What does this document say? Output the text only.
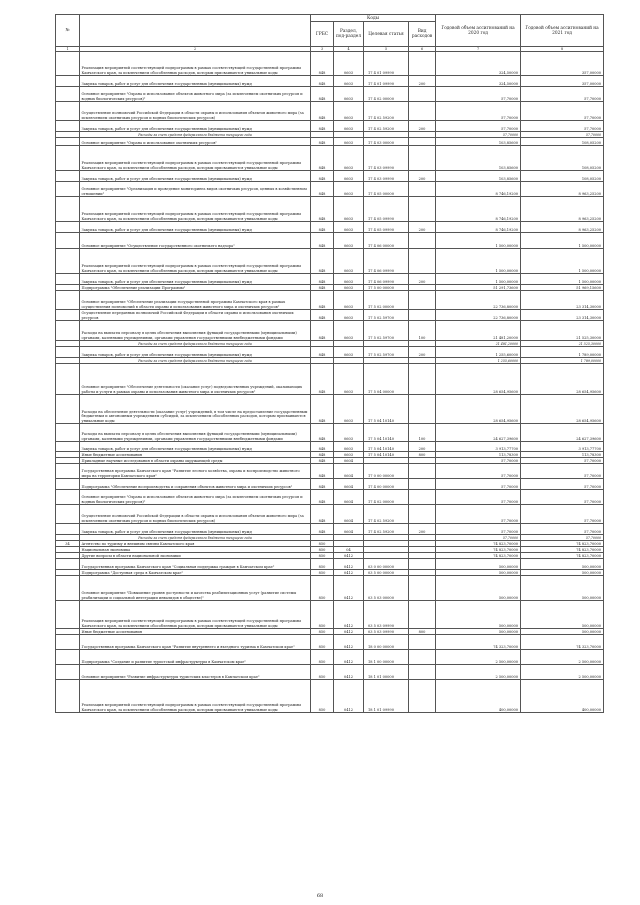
№		Коды				Годовой объем ассигнований на 2020 год	Годовой объем ассигнований на 2021 год
		ГРБС	Раздел, под-раздел	Целевая статья	Вид расходов		
1	2	3	4	5	6	7	8
	Реализация мероприятий соответствующей подпрограммы в рамках соответствующей государственной программы Камчатского края, за исключением обособленных расходов, которым присваиваются уникальные коды	848	0603	17 4 01 09990		324,50000	357,00000
	Закупка товаров, работ и услуг для обеспечения государственных (муниципальных) нужд	848	0603	17 4 01 09990	200	324,50000	357,00000
	Основное мероприятие "Охрана и использование объектов животного мира (за исключением охотничьих ресурсов и водных биологических ресурсов)"	848	0603	17 4 02 00000		57,70000	57,70000
	Осуществление полномочий Российской Федерации в области охраны и использования объектов животного мира (за исключением охотничьих ресурсов и водных биологических ресурсов)	848	0603	17 4 02 59200		57,70000	57,70000
	Закупка товаров, работ и услуг для обеспечения государственных (муниципальных) нужд	848	0603	17 4 02 59200	200	57,70000	57,70000
	Расходы за счет средств федерального бюджета текущего года					57,70000	57,70000
	Основное мероприятие "Охрана и использование охотничьих ресурсов"	848	0603	17 4 03 00000		103,85600	108,05200
	Реализация мероприятий соответствующей подпрограммы в рамках соответствующей государственной программы Камчатского края, за исключением обособленных расходов, которым присваиваются уникальные коды	848	0603	17 4 03 09990		103,85600	108,05200
	Закупка товаров, работ и услуг для обеспечения государственных (муниципальных) нужд	848	0603	17 4 03 09990	200	103,85600	108,05200
	Основное мероприятие "Организация и проведение мониторинга видов охотничьих ресурсов, ценных в хозяйственном отношении"	848	0603	17 4 05 00000		8 746,19200	8 963,25200
	Реализация мероприятий соответствующей подпрограммы в рамках соответствующей государственной программы Камчатского края, за исключением обособленных расходов, которым присваиваются уникальные коды	848	0603	17 4 05 09990		8 746,19200	8 963,25200
	Закупка товаров, работ и услуг для обеспечения государственных (муниципальных) нужд	848	0603	17 4 05 09990	200	8 746,19200	8 963,25200
	Основное мероприятие "Осуществление государственного охотничьего надзора"	848	0603	17 4 06 00000		1 500,00000	1 500,00000
	Реализация мероприятий соответствующей подпрограммы в рамках соответствующей государственной программы Камчатского края, за исключением обособленных расходов, которым присваиваются уникальные коды	848	0603	17 4 06 09990		1 500,00000	1 500,00000
	Закупка товаров, работ и услуг для обеспечения государственных (муниципальных) нужд	848	0603	17 4 06 09990	200	1 500,00000	1 500,00000
	Подпрограмма "Обеспечение реализации Программы"	848	0603	17 5 00 00000		51 291,73600	51 969,15600
	Основное мероприятие "Обеспечение реализации государственной программы Камчатского края в рамках осуществления полномочий в области охраны и использования животного мира и охотничьих ресурсов"	848	0603	17 5 02 00000		22 736,80000	23 314,30000
	Осуществление переданных полномочий Российской Федерации в области охраны и использования охотничьих ресурсов	848	0603	17 5 02 59700		22 736,80000	23 314,30000
	Расходы на выплаты персоналу в целях обеспечения выполнения функций государственными (муниципальными) органами, казенными учреждениями, органами управления государственными внебюджетными фондами	848	0603	17 5 02 59700	100	21 481,20000	21 525,30000
	Расходы за счет средств федерального бюджета текущего года					21 481,20000	21 525,30000
	Закупка товаров, работ и услуг для обеспечения государственных (муниципальных) нужд	848	0603	17 5 02 59700	200	1 255,60000	1 789,00000
	Расходы за счет средств федерального бюджета текущего года					1 255,60000	1 789,00000
	Основное мероприятие "Обеспечение деятельности (оказание услуг) подведомственных учреждений, оказывающих работы и услуги в рамках охраны и использования животного мира и охотничьих ресурсов"	848	0603	17 5 04 00000		28 654,95600	28 654,95600
	Расходы на обеспечение деятельности (оказание услуг) учреждений, в том числе на предоставление государственным бюджетным и автономным учреждениям субсидий, за исключением обособленных расходов, которым присваиваются уникальные коды	848	0603	17 5 04 10140		28 654,95600	28 654,95600
	Расходы на выплаты персоналу в целях обеспечения выполнения функций государственными (муниципальными) органами, казенными учреждениями, органами управления государственными внебюджетными фондами	848	0603	17 5 04 10140	100	24 627,39600	24 627,39600
	Закупка товаров, работ и услуг для обеспечения государственных (муниципальных) нужд	848	0603	17 5 04 10140	200	3 913,77700	3 913,77700
	Иные бюджетные ассигнования	848	0603	17 5 04 10140	800	113,78300	113,78300
	Прикладные научные исследования в области охраны окружающей среды	848	0604			57,70000	57,70000
	Государственная программа Камчатского края "Развитие лесного хозяйства, охрана и воспроизводство животного мира на территории Камчатского края"	848	0604	17 0 00 00000		57,70000	57,70000
	Подпрограмма "Обеспечение воспроизводства и сохранения объектов животного мира и охотничьих ресурсов"	848	0604	17 4 00 00000		57,70000	57,70000
	Основное мероприятие "Охрана и использование объектов животного мира (за исключением охотничьих ресурсов и водных биологических ресурсов)"	848	0604	17 4 02 00000		57,70000	57,70000
	Осуществление полномочий Российской Федерации в области охраны и использования объектов животного мира (за исключением охотничьих ресурсов и водных биологических ресурсов)	848	0604	17 4 02 59200		57,70000	57,70000
	Закупка товаров, работ и услуг для обеспечения государственных (муниципальных) нужд	848	0604	17 4 02 59200	200	57,70000	57,70000
	Расходы за счет средств федерального бюджета текущего года					57,70000	57,70000
34	Агентство по туризму и внешним связям Камчатского края	850				74 823,70000	74 823,70000
	Национальная экономика	850	04			74 823,70000	74 823,70000
	Другие вопросы в области национальной экономики	850	0412			74 823,70000	74 823,70000
	Государственная программа Камчатского края "Социальная поддержка граждан в Камчатском крае"	850	0412	03 0 00 00000		500,00000	500,00000
	Подпрограмма "Доступная среда в Камчатском крае"	850	0412	03 5 00 00000		500,00000	500,00000
	Основное мероприятие "Повышение уровня доступности и качества реабилитационных услуг (развитие системы реабилитации и социальной интеграции инвалидов в обществе)"	850	0412	03 5 03 00000		500,00000	500,00000
	Реализация мероприятий соответствующей подпрограммы в рамках соответствующей государственной программы Камчатского края, за исключением обособленных расходов, которым присваиваются уникальные коды	850	0412	03 5 03 09990		500,00000	500,00000
	Иные бюджетные ассигнования	850	0412	03 5 03 09990	800	500,00000	500,00000
	Государственная программа Камчатского края "Развитие внутреннего и въездного туризма в Камчатском крае"	850	0412	18 0 00 00000		74 323,70000	74 323,70000
	Подпрограмма "Создание и развитие туристской инфраструктуры в Камчатском крае"	850	0412	18 1 00 00000		2 500,00000	2 500,00000
	Основное мероприятие "Развитие инфраструктуры туристских кластеров в Камчатском крае"	850	0412	18 1 01 00000		2 500,00000	2 500,00000
	Реализация мероприятий соответствующей подпрограммы в рамках соответствующей государственной программы Камчатского края, за исключением обособленных расходов, которым присваиваются уникальные коды	850	0412	18 1 01 09990		400,00000	400,00000
68
